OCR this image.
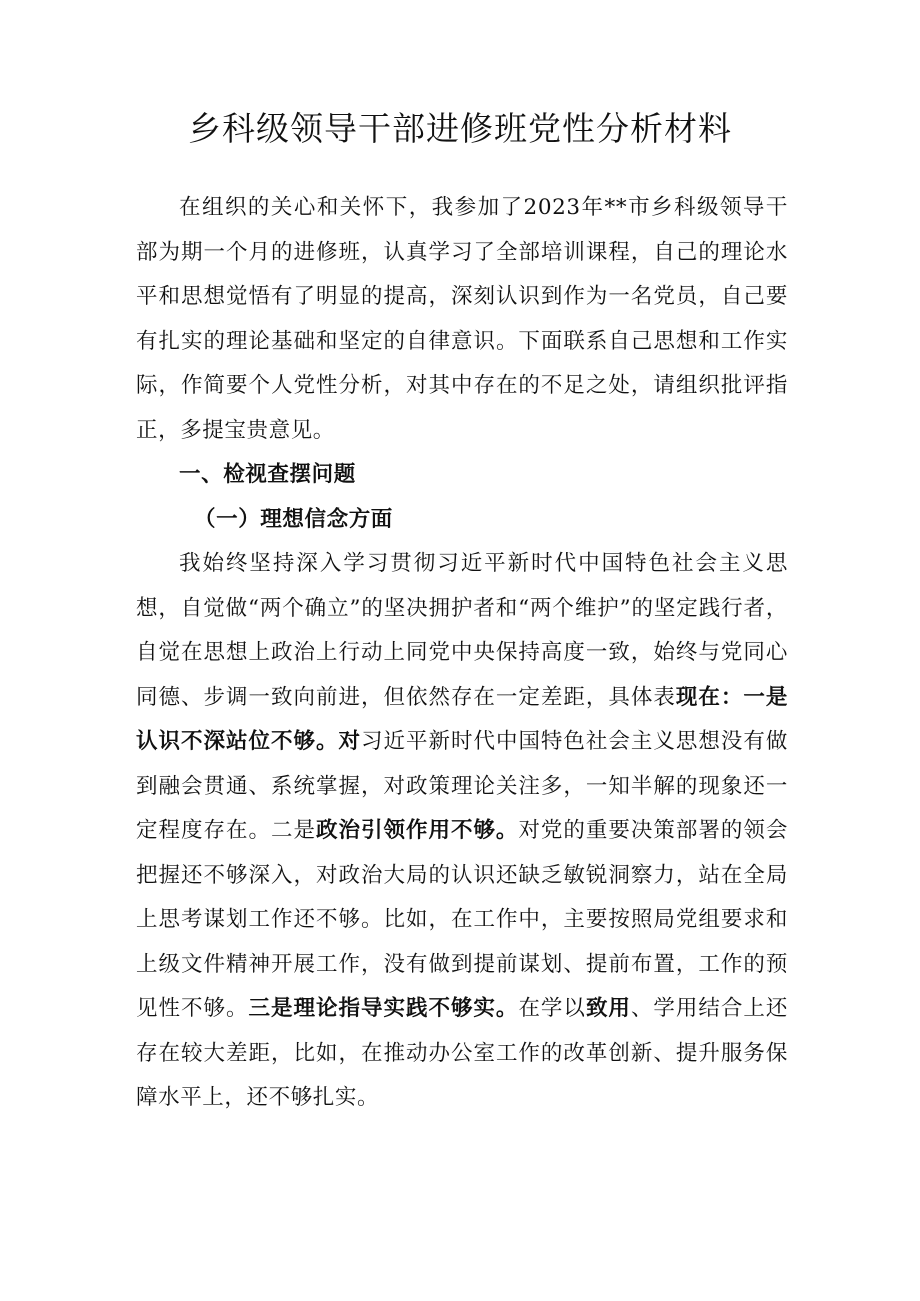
乡科级领导干部进修班党性分析材料

在组织的关心和关怀下，我参加了2023年**市乡科级领导干部为期一个月的进修班，认真学习了全部培训课程，自己的理论水平和思想觉悟有了明显的提高，深刻认识到作为一名党员，自己要有扎实的理论基础和坚定的自律意识。下面联系自己思想和工作实际，作简要个人党性分析，对其中存在的不足之处，请组织批评指正，多提宝贵意见。

一、检视查摆问题

（一）理想信念方面

我始终坚持深入学习贯彻习近平新时代中国特色社会主义思想，自觉做“两个确立”的坚决拥护者和“两个维护”的坚定践行者，自觉在思想上政治上行动上同党中央保持高度一致，始终与党同心同德、步调一致向前进，但依然存在一定差距，具体表现在：一是认识不深站位不够。对习近平新时代中国特色社会主义思想没有做到融会贯通、系统掌握，对政策理论关注多，一知半解的现象还一定程度存在。二是政治引领作用不够。对党的重要决策部署的领会把握还不够深入，对政治大局的认识还缺乏敏锐洞察力，站在全局上思考谋划工作还不够。比如，在工作中，主要按照局党组要求和上级文件精神开展工作，没有做到提前谋划、提前布置，工作的预见性不够。三是理论指导实践不够实。在学以致用、学用结合上还存在较大差距，比如，在推动办公室工作的改革创新、提升服务保障水平上，还不够扎实。
